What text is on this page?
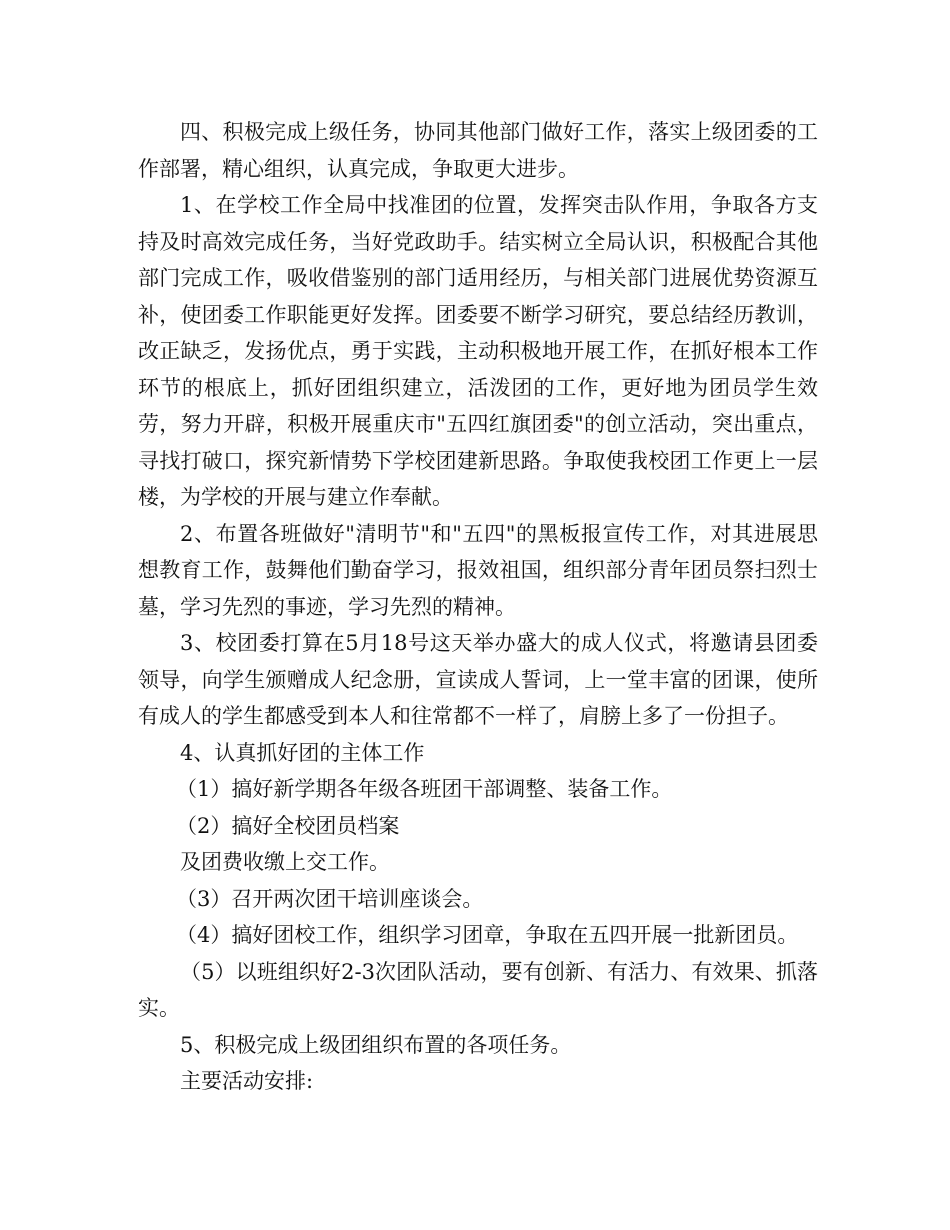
四、积极完成上级任务，协同其他部门做好工作，落实上级团委的工作部署，精心组织，认真完成，争取更大进步。

1、在学校工作全局中找准团的位置，发挥突击队作用，争取各方支持及时高效完成任务，当好党政助手。结实树立全局认识，积极配合其他部门完成工作，吸收借鉴别的部门适用经历，与相关部门进展优势资源互补，使团委工作职能更好发挥。团委要不断学习研究，要总结经历教训，改正缺乏，发扬优点，勇于实践，主动积极地开展工作，在抓好根本工作环节的根底上，抓好团组织建立，活泼团的工作，更好地为团员学生效劳，努力开辟，积极开展重庆市"五四红旗团委"的创立活动，突出重点，寻找打破口，探究新情势下学校团建新思路。争取使我校团工作更上一层楼，为学校的开展与建立作奉献。

2、布置各班做好"清明节"和"五四"的黑板报宣传工作，对其进展思想教育工作，鼓舞他们勤奋学习，报效祖国，组织部分青年团员祭扫烈士墓，学习先烈的事迹，学习先烈的精神。

3、校团委打算在5月18号这天举办盛大的成人仪式，将邀请县团委领导，向学生颁赠成人纪念册，宣读成人誓词，上一堂丰富的团课，使所有成人的学生都感受到本人和往常都不一样了，肩膀上多了一份担子。

4、认真抓好团的主体工作

（1）搞好新学期各年级各班团干部调整、装备工作。

（2）搞好全校团员档案

及团费收缴上交工作。

（3）召开两次团干培训座谈会。

（4）搞好团校工作，组织学习团章，争取在五四开展一批新团员。

（5）以班组织好2-3次团队活动，要有创新、有活力、有效果、抓落实。

5、积极完成上级团组织布置的各项任务。

主要活动安排:
